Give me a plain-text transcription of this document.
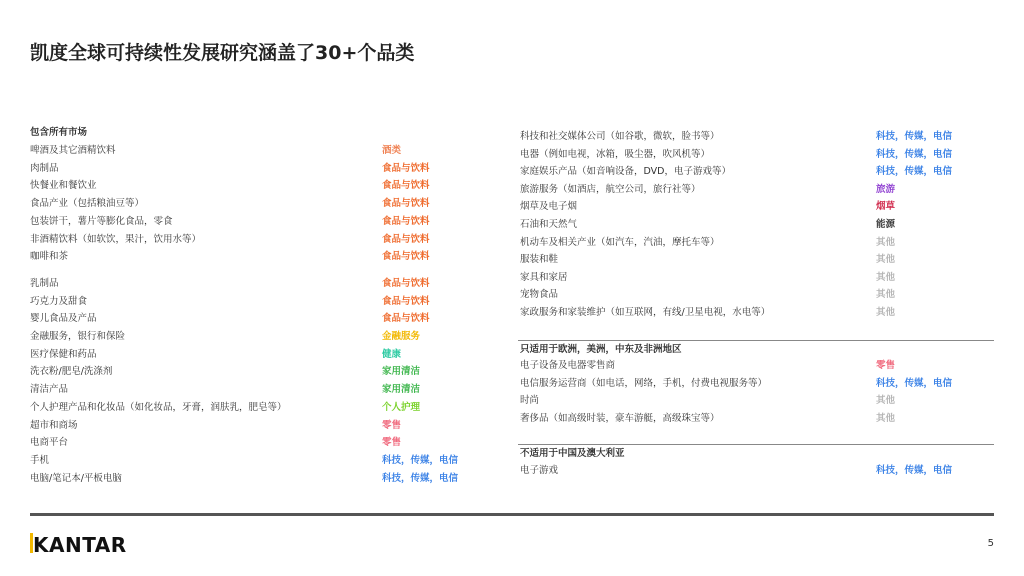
凯度全球可持续性发展研究涵盖了30+个品类
包含所有市场
啤酒及其它酒精饮料	酒类
肉制品	食品与饮料
快餐业和餐饮业	食品与饮料
食品产业（包括粮油豆等）	食品与饮料
包装饼干，薯片等膨化食品，零食	食品与饮料
非酒精饮料（如软饮，果汁，饮用水等）	食品与饮料
咖啡和茶	食品与饮料
乳制品	食品与饮料
巧克力及甜食	食品与饮料
婴儿食品及产品	食品与饮料
金融服务，银行和保险	金融服务
医疗保健和药品	健康
洗衣粉/肥皂/洗涤剂	家用清洁
清洁产品	家用清洁
个人护理产品和化妆品（如化妆品，牙膏，润肤乳，肥皂等）	个人护理
超市和商场	零售
电商平台	零售
手机	科技，传媒，电信
电脑/笔记本/平板电脑	科技，传媒，电信
科技和社交媒体公司（如谷歌，微软，脸书等）	科技，传媒，电信
电器（例如电视，冰箱，吸尘器，吹风机等）	科技，传媒，电信
家庭娱乐产品（如音响设备，DVD，电子游戏等）	科技，传媒，电信
旅游服务（如酒店，航空公司，旅行社等）	旅游
烟草及电子烟	烟草
石油和天然气	能源
机动车及相关产业（如汽车，汽油，摩托车等）	其他
服装和鞋	其他
家具和家居	其他
宠物食品	其他
家政服务和家装维护（如互联网，有线/卫星电视，水电等）	其他
只适用于欧洲，美洲，中东及非洲地区
电子设备及电器零售商	零售
电信服务运营商（如电话，网络，手机，付费电视服务等）	科技，传媒，电信
时尚	其他
奢侈品（如高级时装，豪车游艇，高级珠宝等）	其他
不适用于中国及澳大利亚
电子游戏	科技，传媒，电信
KANTAR	5
